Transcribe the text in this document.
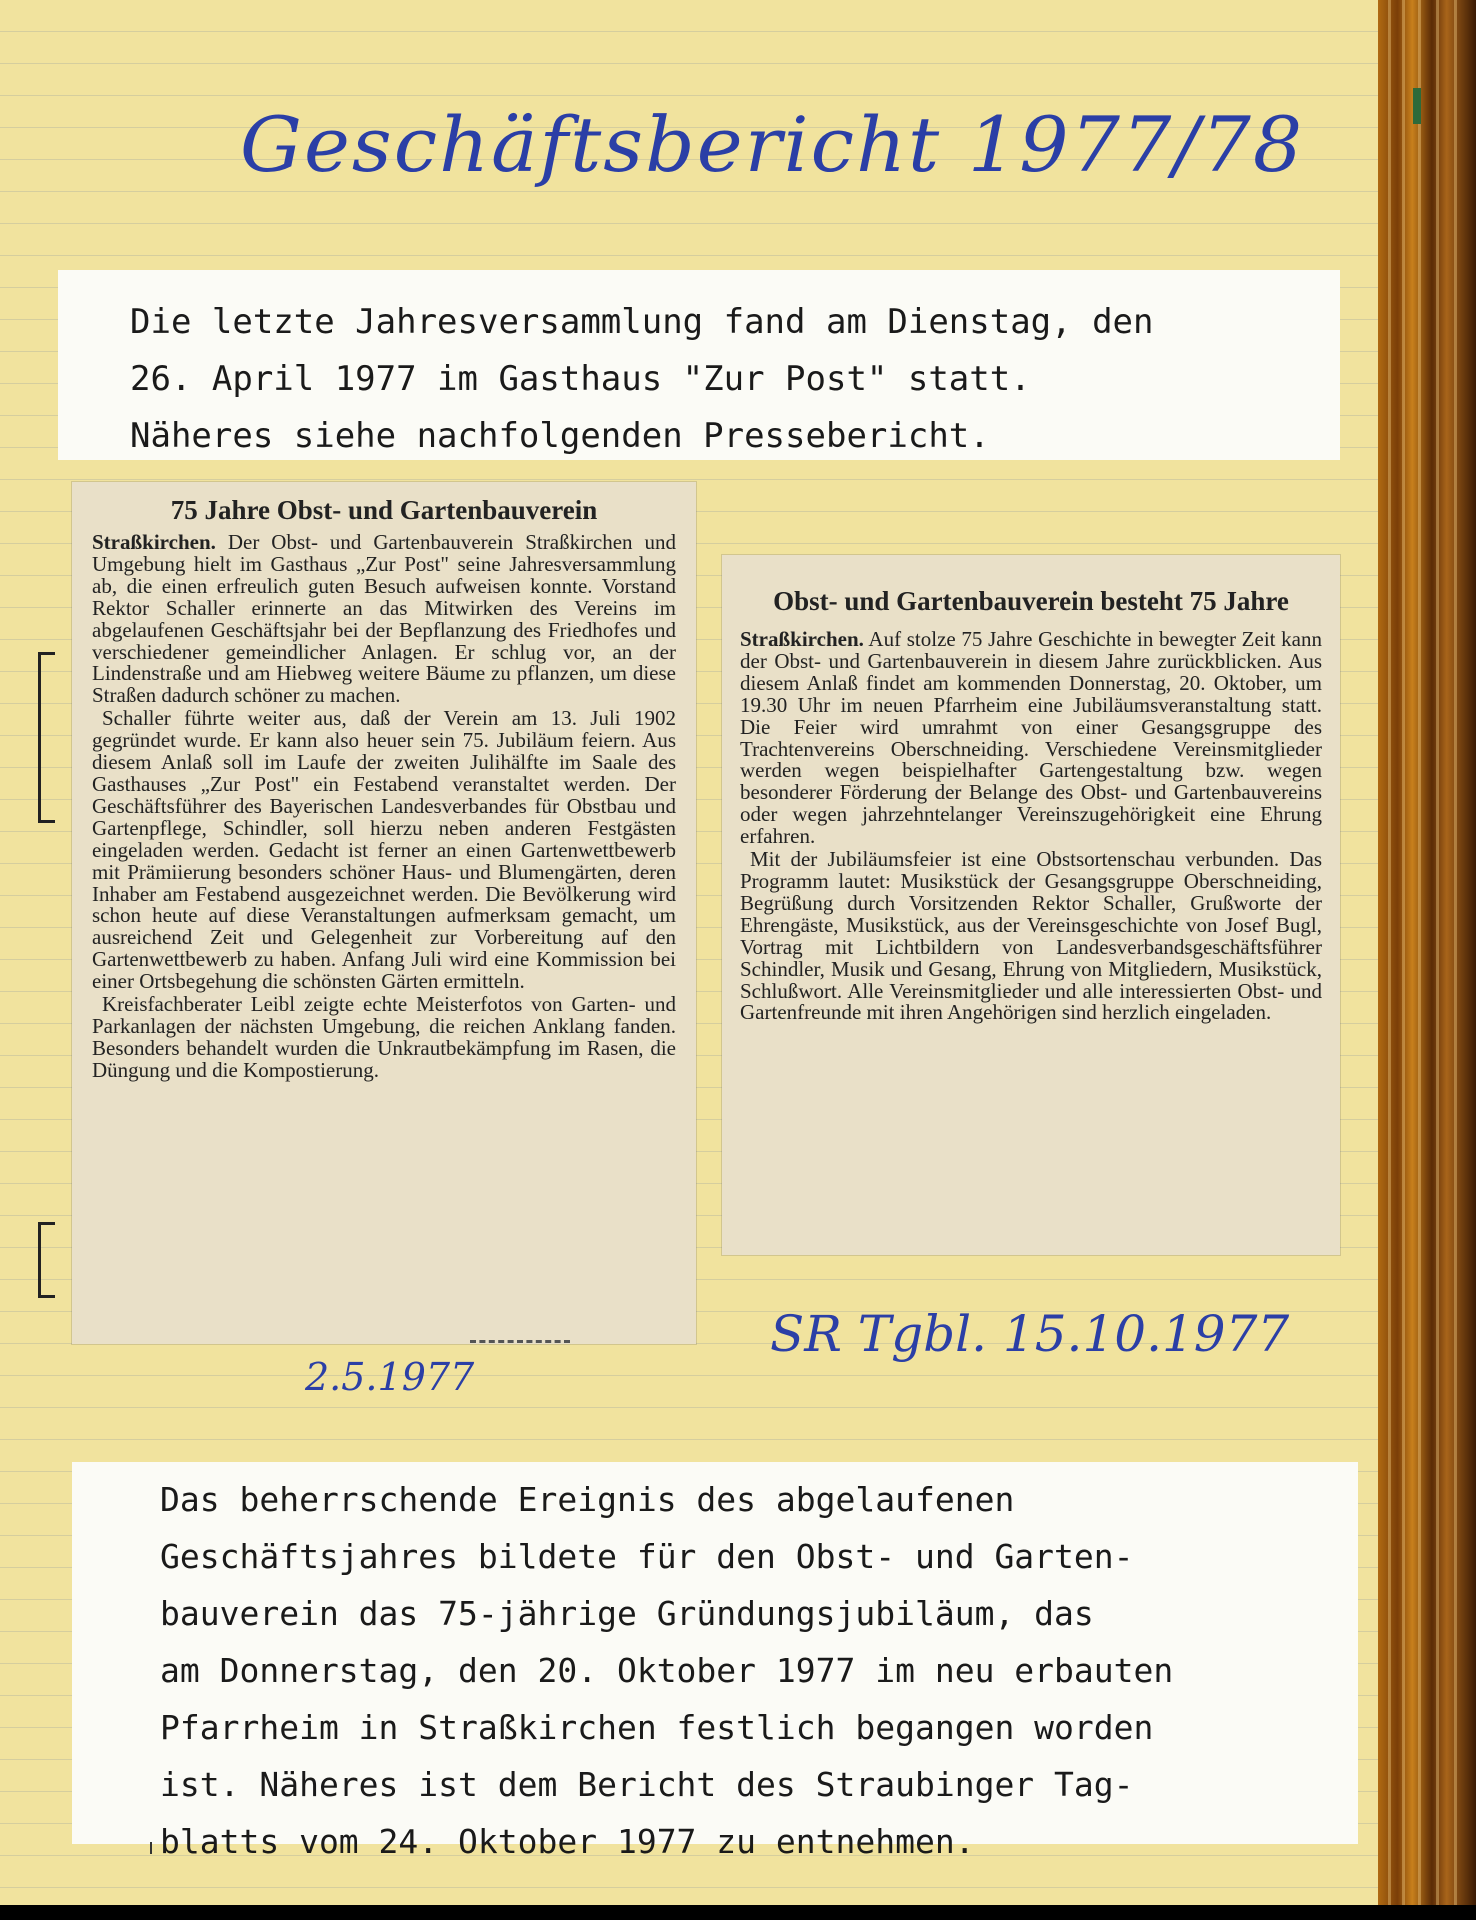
Geschäftsbericht 1977/78
Die letzte Jahresversammlung fand am Dienstag, den
26. April 1977 im Gasthaus "Zur Post" statt.
Näheres siehe nachfolgenden Pressebericht.
75 Jahre Obst- und Gartenbauverein

Straßkirchen. Der Obst- und Gartenbauverein Straßkirchen und Umgebung hielt im Gasthaus „Zur Post" seine Jahresversammlung ab, die einen erfreulich guten Besuch aufweisen konnte. Vorstand Rektor Schaller erinnerte an das Mitwirken des Vereins im abgelaufenen Geschäftsjahr bei der Bepflanzung des Friedhofes und verschiedener gemeindlicher Anlagen. Er schlug vor, an der Lindenstraße und am Hiebweg weitere Bäume zu pflanzen, um diese Straßen dadurch schöner zu machen.

Schaller führte weiter aus, daß der Verein am 13. Juli 1902 gegründet wurde. Er kann also heuer sein 75. Jubiläum feiern. Aus diesem Anlaß soll im Laufe der zweiten Julihälfte im Saale des Gasthauses „Zur Post" ein Festabend veranstaltet werden. Der Geschäftsführer des Bayerischen Landesverbandes für Obstbau und Gartenpflege, Schindler, soll hierzu neben anderen Festgästen eingeladen werden. Gedacht ist ferner an einen Gartenwettbewerb mit Prämiierung besonders schöner Haus- und Blumengärten, deren Inhaber am Festabend ausgezeichnet werden. Die Bevölkerung wird schon heute auf diese Veranstaltungen aufmerksam gemacht, um ausreichend Zeit und Gelegenheit zur Vorbereitung auf den Gartenwettbewerb zu haben. Anfang Juli wird eine Kommission bei einer Ortsbegehung die schönsten Gärten ermitteln.

Kreisfachberater Leibl zeigte echte Meisterfotos von Garten- und Parkanlagen der nächsten Umgebung, die reichen Anklang fanden. Besonders behandelt wurden die Unkrautbekämpfung im Rasen, die Düngung und die Kompostierung.

Obst- und Gartenbauverein besteht 75 Jahre

Straßkirchen. Auf stolze 75 Jahre Geschichte in bewegter Zeit kann der Obst- und Gartenbauverein in diesem Jahre zurückblicken. Aus diesem Anlaß findet am kommenden Donnerstag, 20. Oktober, um 19.30 Uhr im neuen Pfarrheim eine Jubiläumsveranstaltung statt. Die Feier wird umrahmt von einer Gesangsgruppe des Trachtenvereins Oberschneiding. Verschiedene Vereinsmitglieder werden wegen beispielhafter Gartengestaltung bzw. wegen besonderer Förderung der Belange des Obst- und Gartenbauvereins oder wegen jahrzehntelanger Vereinszugehörigkeit eine Ehrung erfahren.

Mit der Jubiläumsfeier ist eine Obstsortenschau verbunden. Das Programm lautet: Musikstück der Gesangsgruppe Oberschneiding, Begrüßung durch Vorsitzenden Rektor Schaller, Grußworte der Ehrengäste, Musikstück, aus der Vereinsgeschichte von Josef Bugl, Vortrag mit Lichtbildern von Landesverbandsgeschäftsführer Schindler, Musik und Gesang, Ehrung von Mitgliedern, Musikstück, Schlußwort. Alle Vereinsmitglieder und alle interessierten Obst- und Gartenfreunde mit ihren Angehörigen sind herzlich eingeladen.

2.5.1977
SR Tgbl. 15.10.1977
Das beherrschende Ereignis des abgelaufenen
Geschäftsjahres bildete für den Obst- und Garten-
bauverein das 75-jährige Gründungsjubiläum, das
am Donnerstag, den 20. Oktober 1977 im neu erbauten
Pfarrheim in Straßkirchen festlich begangen worden
ist. Näheres ist dem Bericht des Straubinger Tag-
blatts vom 24. Oktober 1977 zu entnehmen.
